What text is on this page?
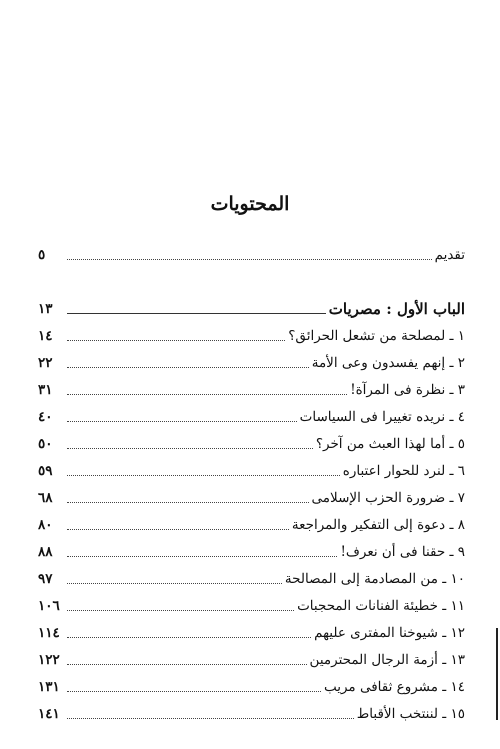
المحتويات
تقديم
٥
الباب الأول : مصريات
١٣
١ ـ لمصلحة من تشعل الحرائق؟
١٤
٢ ـ إنهم يفسدون وعى الأمة
٢٢
٣ ـ نظرة فى المرآة!
٣١
٤ ـ نريده تغييرا فى السياسات
٤٠
٥ ـ أما لهذا العبث من آخر؟
٥٠
٦ ـ لنرد للحوار اعتباره
٥٩
٧ ـ ضرورة الحزب الإسلامى
٦٨
٨ ـ دعوة إلى التفكير والمراجعة
٨٠
٩ ـ حقنا فى أن نعرف!
٨٨
١٠ ـ من المصادمة إلى المصالحة
٩٧
١١ ـ خطيئة الفنانات المحجبات
١٠٦
١٢ ـ شيوخنا المفترى عليهم
١١٤
١٣ ـ أزمة الرجال المحترمين
١٢٢
١٤ ـ مشروع ثقافى مريب
١٣١
١٥ ـ لننتخب الأقباط
١٤١
